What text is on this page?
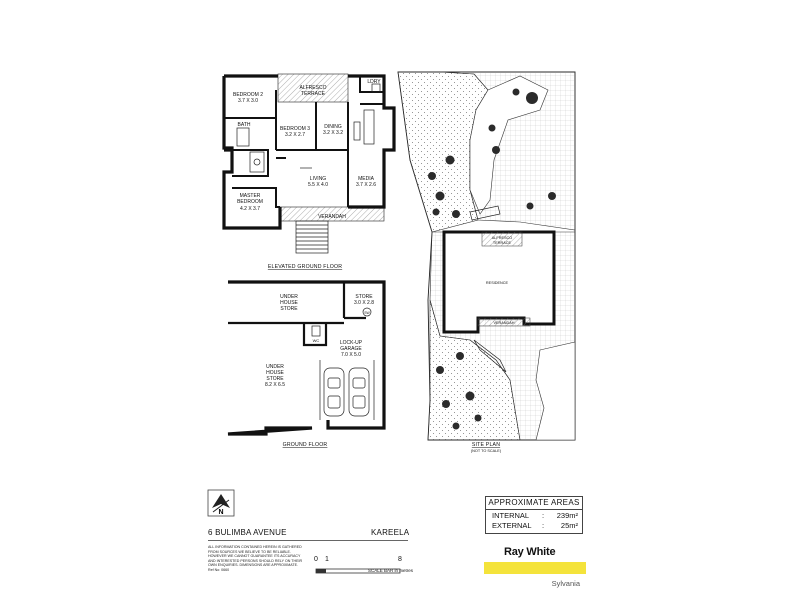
ALFRESCO
TERRACE
LDRY
BEDROOM 2
3.7 X 3.0
BEDROOM 3
3.2 X 2.7
DINING
3.2 X 3.2
BATH
LIVING
5.5 X 4.0
MEDIA
3.7 X 2.6
MASTER
BEDROOM
4.2 X 3.7
VERANDAH
ELEVATED GROUND FLOOR
UNDER
HOUSE
STORE
STORE
3.0 X 2.8
SW
WC	LOCK-UP
GARAGE
7.0 X 5.0
UNDER
HOUSE
STORE
8.2 X 6.5
GROUND FLOOR
ALFRESCO
TERRACE
RESIDENCE
VERANDAH
SITE PLAN
(NOT TO SCALE)
N
APPROXIMATE AREAS
INTERNAL : 239m²
EXTERNAL : 25m²
6 BULIMBA AVENUE	KAREELA
ALL INFORMATION CONTAINED HEREIN IS GATHERED FROM SOURCES WE BELIEVE TO BE RELIABLE. HOWEVER WE CANNOT GUARANTEE ITS ACCURACY AND INTERESTED PERSONS SHOULD RELY ON THEIR OWN ENQUIRIES. DIMENSIONS ARE APPROXIMATE. Ref No: 0660
0 1	8
SCALE BAR in metres
Ray White
Sylvania
